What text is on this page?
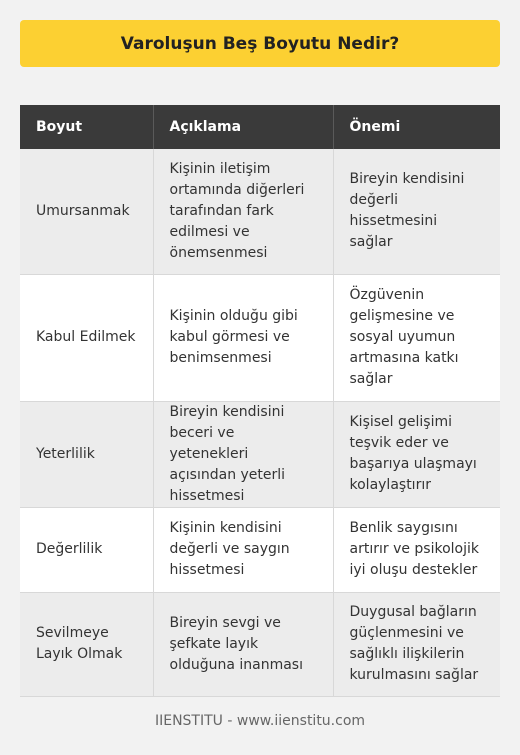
Varoluşun Beş Boyutu Nedir?
Boyut	Açıklama	Önemi
Umursanmak	Kişinin iletişim ortamında diğerleri tarafından fark edilmesi ve önemsenmesi	Bireyin kendisini değerli hissetmesini sağlar
Kabul Edilmek	Kişinin olduğu gibi kabul görmesi ve benimsenmesi	Özgüvenin gelişmesine ve sosyal uyumun artmasına katkı sağlar
Yeterlilik	Bireyin kendisini beceri ve yetenekleri açısından yeterli hissetmesi	Kişisel gelişimi teşvik eder ve başarıya ulaşmayı kolaylaştırır
Değerlilik	Kişinin kendisini değerli ve saygın hissetmesi	Benlik saygısını artırır ve psikolojik iyi oluşu destekler
Sevilmeye Layık Olmak	Bireyin sevgi ve şefkate layık olduğuna inanması	Duygusal bağların güçlenmesini ve sağlıklı ilişkilerin kurulmasını sağlar
IIENSTITU - www.iienstitu.com
